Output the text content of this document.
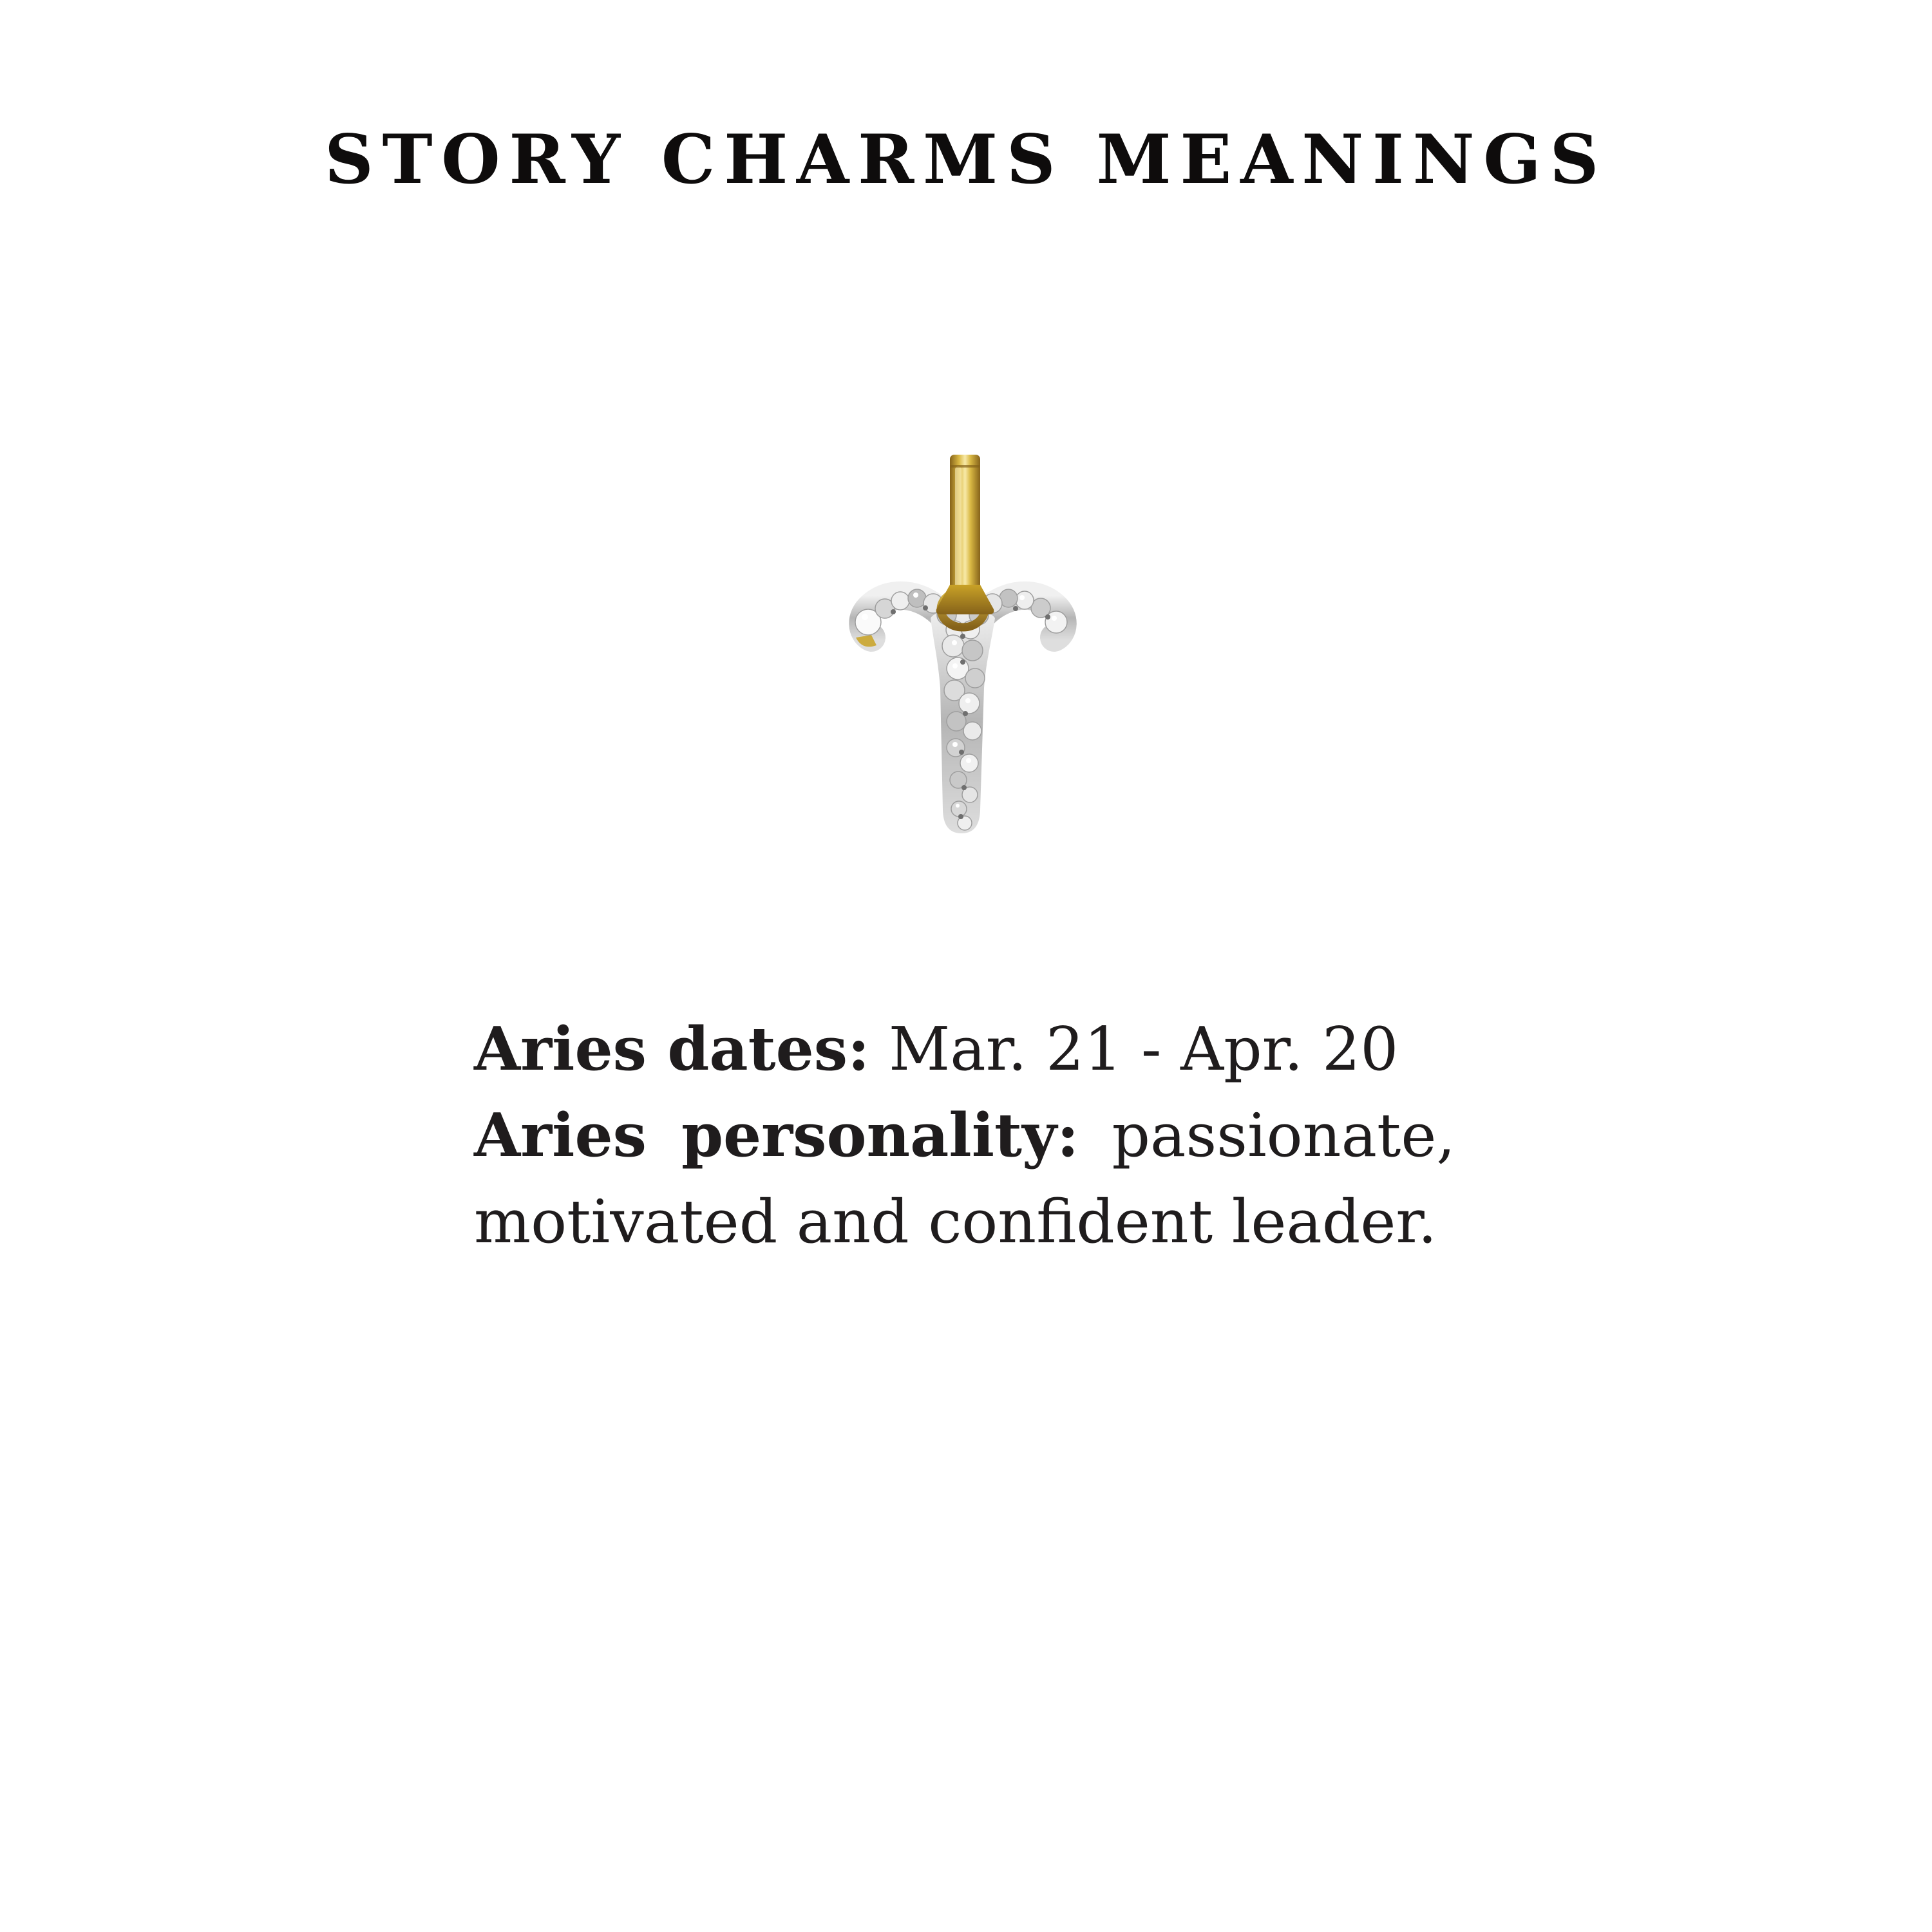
STORY CHARMS MEANINGS
Aries dates: Mar. 21 - Apr. 20
Aries personality: passionate,
motivated and confident leader.
